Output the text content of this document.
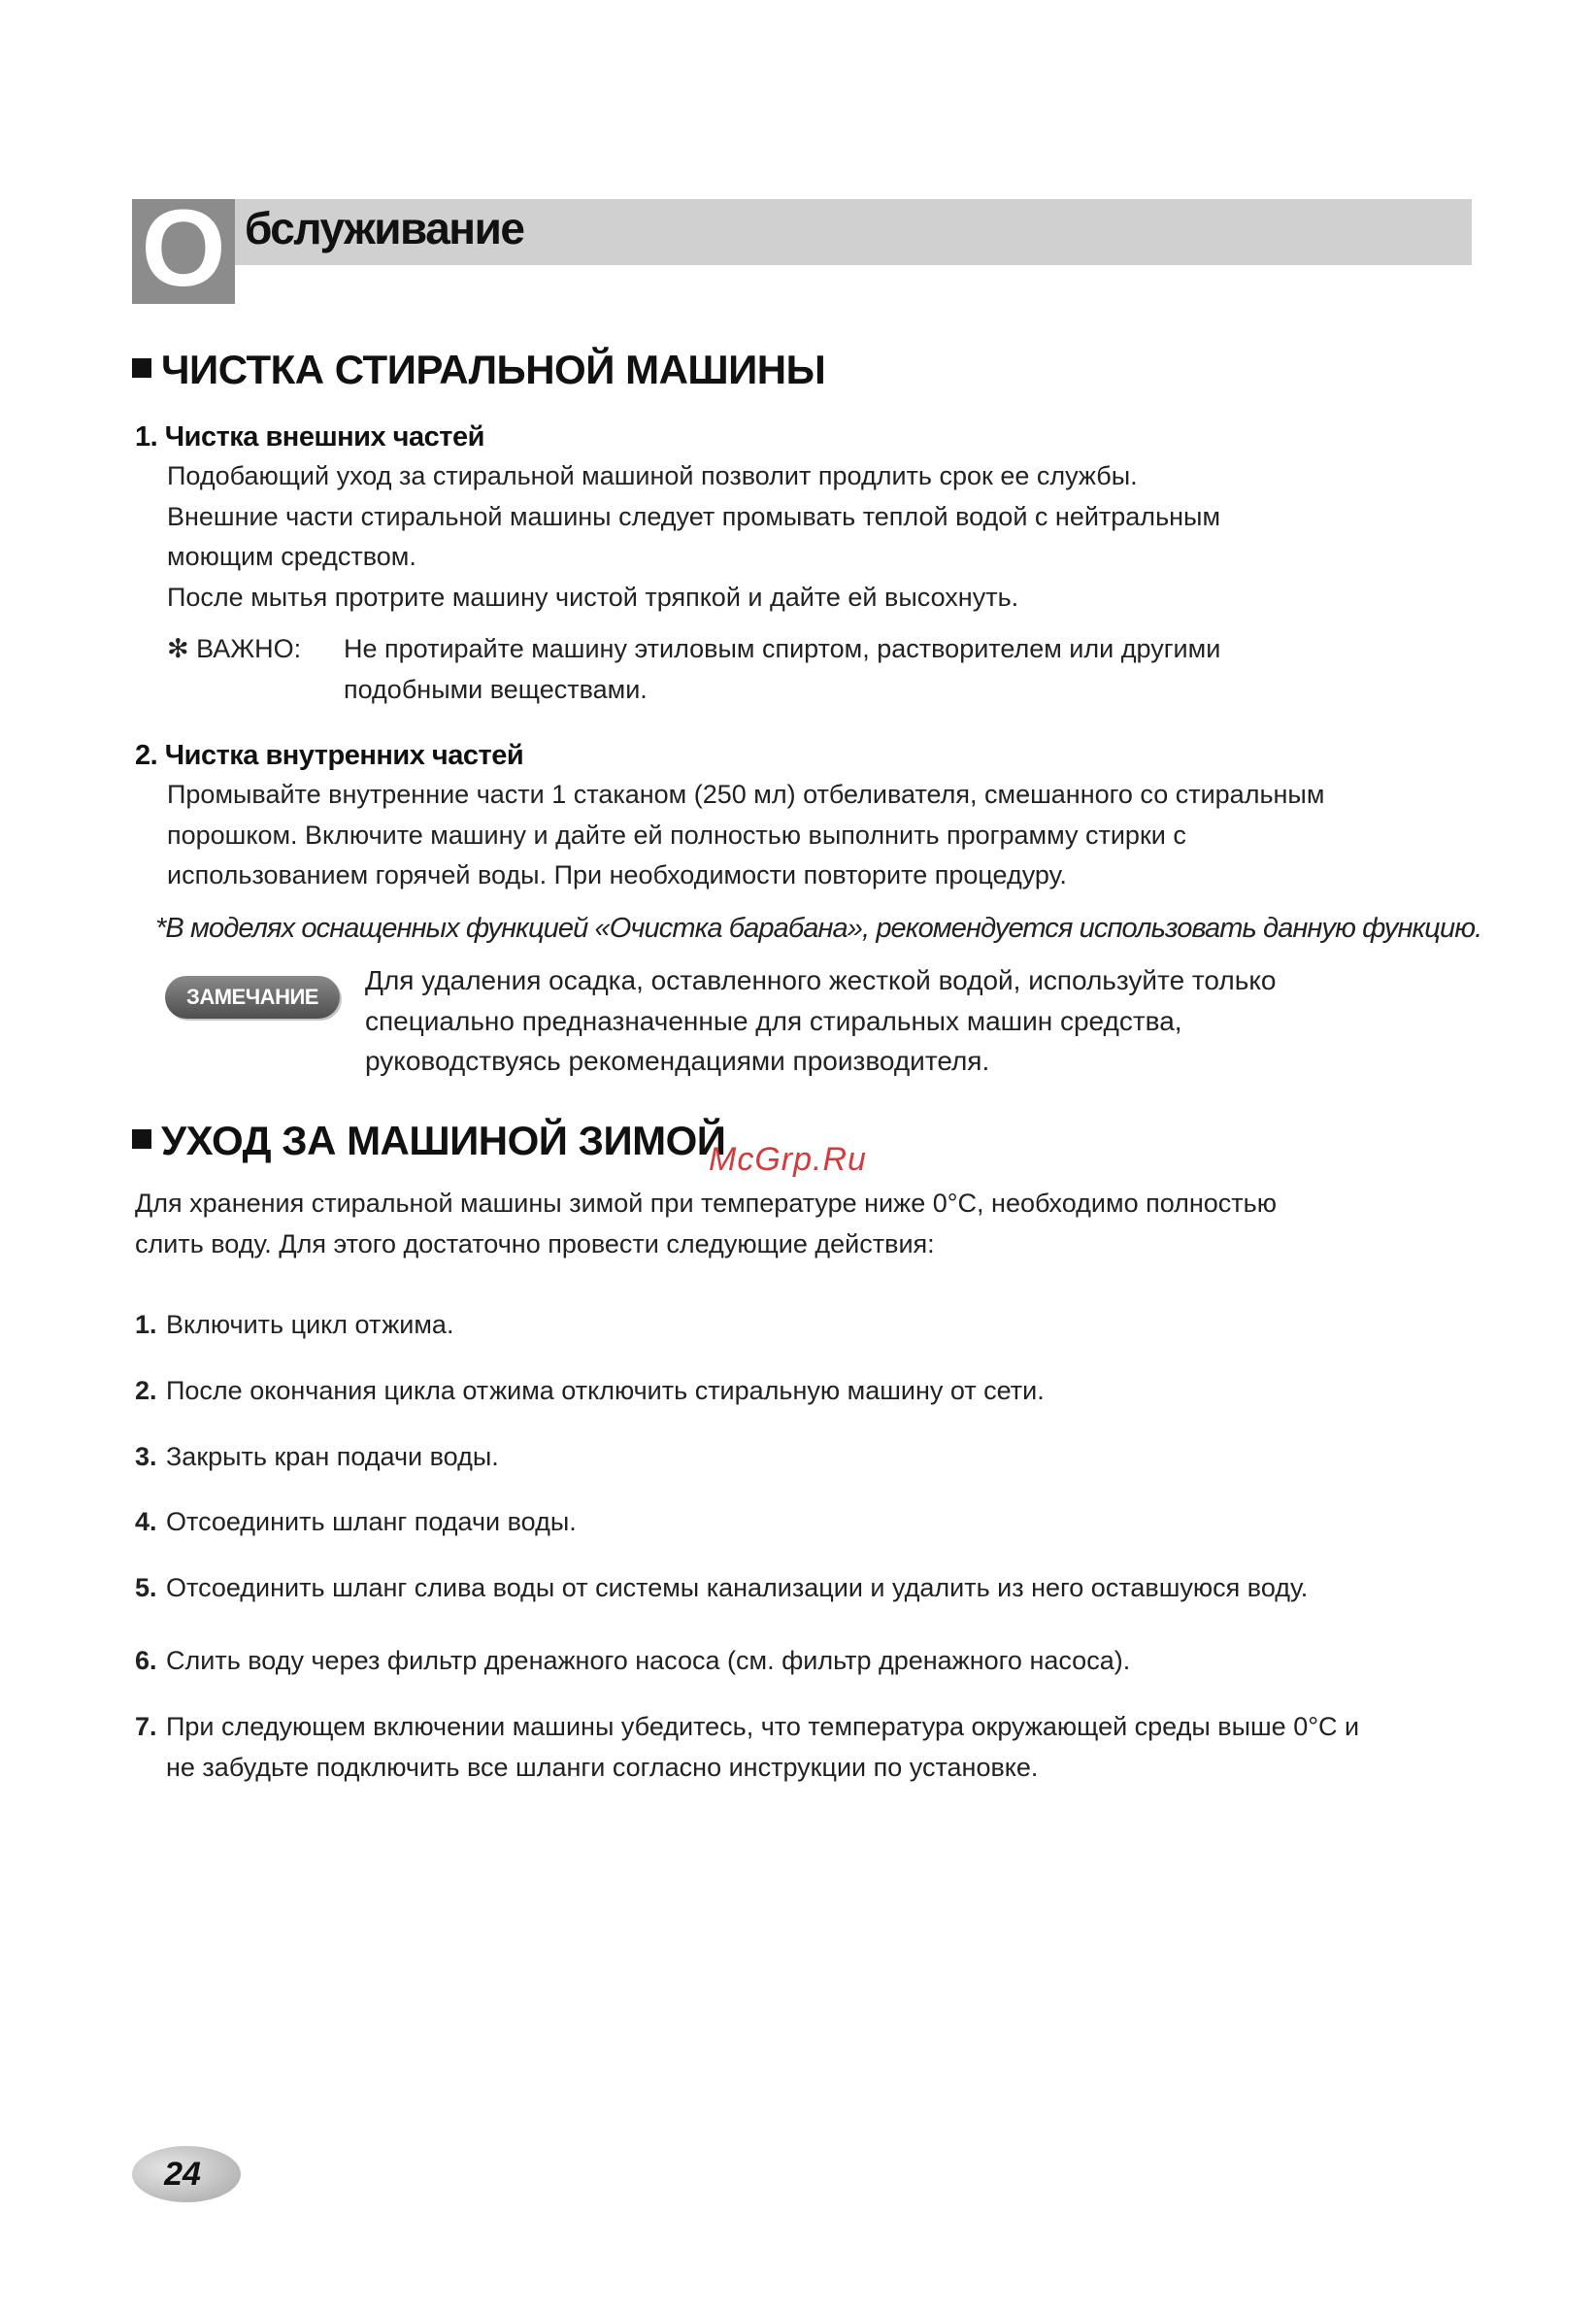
О бслуживание
ЧИСТКА СТИРАЛЬНОЙ МАШИНЫ
1. Чистка внешних частей

Подобающий уход за стиральной машиной позволит продлить срок ее службы.

Внешние части стиральной машины следует промывать теплой водой с нейтральным

моющим средством.

После мытья протрите машину чистой тряпкой и дайте ей высохнуть.

✻ ВАЖНО: Не протирайте машину этиловым спиртом, растворителем или другими

подобными веществами.

2. Чистка внутренних частей

Промывайте внутренние части 1 стаканом (250 мл) отбеливателя, смешанного со стиральным

порошком. Включите машину и дайте ей полностью выполнить программу стирки с

использованием горячей воды. При необходимости повторите процедуру.

*В моделях оснащенных функцией «Очистка барабана», рекомендуется использовать данную функцию.
ЗАМЕЧАНИЕ

Для удаления осадка, оставленного жесткой водой, используйте только

специально предназначенные для стиральных машин средства,

руководствуясь рекомендациями производителя.

УХОД ЗА МАШИНОЙ ЗИМОЙ
McGrp.Ru

Для хранения стиральной машины зимой при температуре ниже 0°C, необходимо полностью

слить воду. Для этого достаточно провести следующие действия:

1. Включить цикл отжима.
2. После окончания цикла отжима отключить стиральную машину от сети.
3. Закрыть кран подачи воды.
4. Отсоединить шланг подачи воды.
5. Отсоединить шланг слива воды от системы канализации и удалить из него оставшуюся воду.
6. Слить воду через фильтр дренажного насоса (см. фильтр дренажного насоса).
7. При следующем включении машины убедитесь, что температура окружающей среды выше 0°C и
не забудьте подключить все шланги согласно инструкции по установке.
24
